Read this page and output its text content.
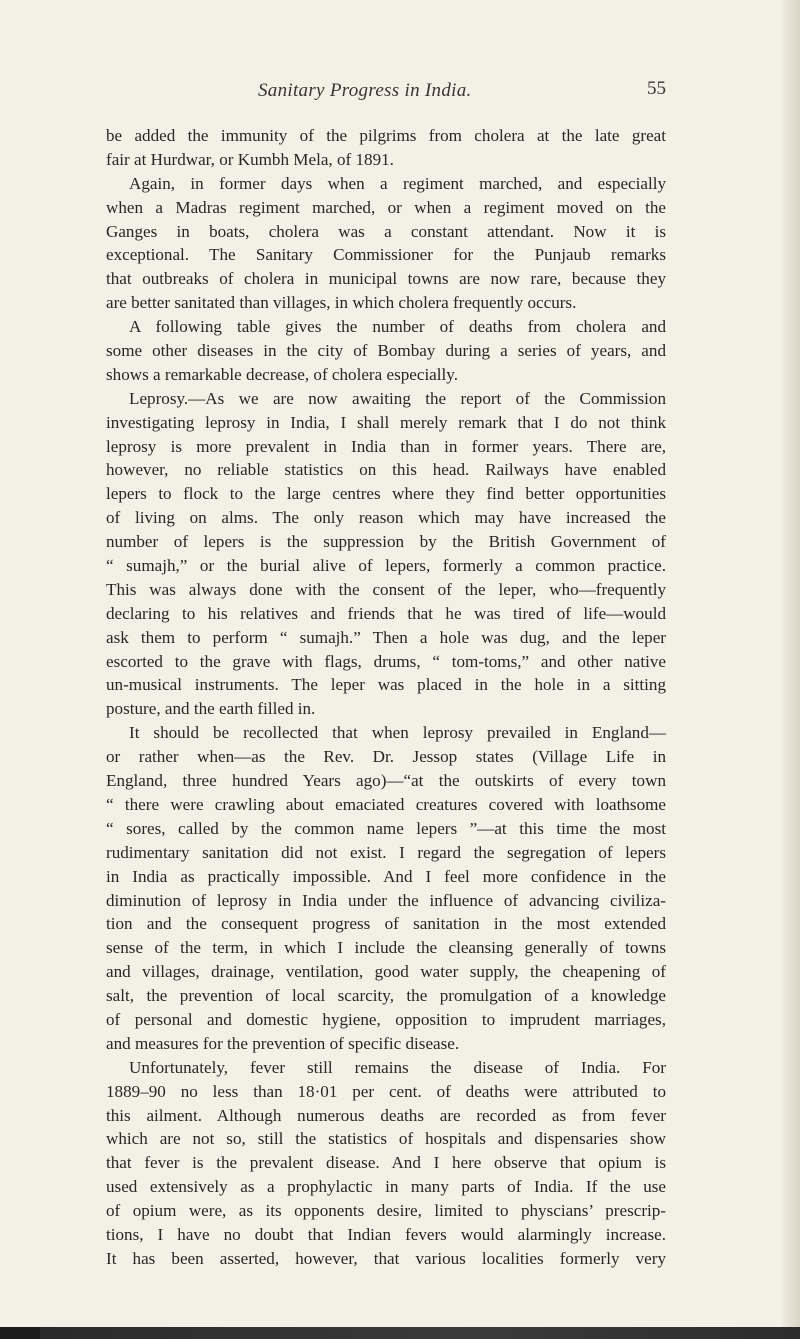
Sanitary Progress in India.	55
be added the immunity of the pilgrims from cholera at the late great
fair at Hurdwar, or Kumbh Mela, of 1891.
Again, in former days when a regiment marched, and especially
when a Madras regiment marched, or when a regiment moved on the
Ganges in boats, cholera was a constant attendant. Now it is
exceptional. The Sanitary Commissioner for the Punjaub remarks
that outbreaks of cholera in municipal towns are now rare, because they
are better sanitated than villages, in which cholera frequently occurs.
A following table gives the number of deaths from cholera and
some other diseases in the city of Bombay during a series of years, and
shows a remarkable decrease, of cholera especially.
Leprosy.—As we are now awaiting the report of the Commission
investigating leprosy in India, I shall merely remark that I do not think
leprosy is more prevalent in India than in former years. There are,
however, no reliable statistics on this head. Railways have enabled
lepers to flock to the large centres where they find better opportunities
of living on alms. The only reason which may have increased the
number of lepers is the suppression by the British Government of
“ sumajh,” or the burial alive of lepers, formerly a common practice.
This was always done with the consent of the leper, who—frequently
declaring to his relatives and friends that he was tired of life—would
ask them to perform “ sumajh.” Then a hole was dug, and the leper
escorted to the grave with flags, drums, “ tom-toms,” and other native
un-musical instruments. The leper was placed in the hole in a sitting
posture, and the earth filled in.
It should be recollected that when leprosy prevailed in England—
or rather when—as the Rev. Dr. Jessop states (Village Life in
England, three hundred Years ago)—“at the outskirts of every town
“ there were crawling about emaciated creatures covered with loathsome
“ sores, called by the common name lepers ”—at this time the most
rudimentary sanitation did not exist. I regard the segregation of lepers
in India as practically impossible. And I feel more confidence in the
diminution of leprosy in India under the influence of advancing civiliza-
tion and the consequent progress of sanitation in the most extended
sense of the term, in which I include the cleansing generally of towns
and villages, drainage, ventilation, good water supply, the cheapening of
salt, the prevention of local scarcity, the promulgation of a knowledge
of personal and domestic hygiene, opposition to imprudent marriages,
and measures for the prevention of specific disease.
Unfortunately, fever still remains the disease of India. For
1889–90 no less than 18·01 per cent. of deaths were attributed to
this ailment. Although numerous deaths are recorded as from fever
which are not so, still the statistics of hospitals and dispensaries show
that fever is the prevalent disease. And I here observe that opium is
used extensively as a prophylactic in many parts of India. If the use
of opium were, as its opponents desire, limited to physcians’ prescrip-
tions, I have no doubt that Indian fevers would alarmingly increase.
It has been asserted, however, that various localities formerly very
